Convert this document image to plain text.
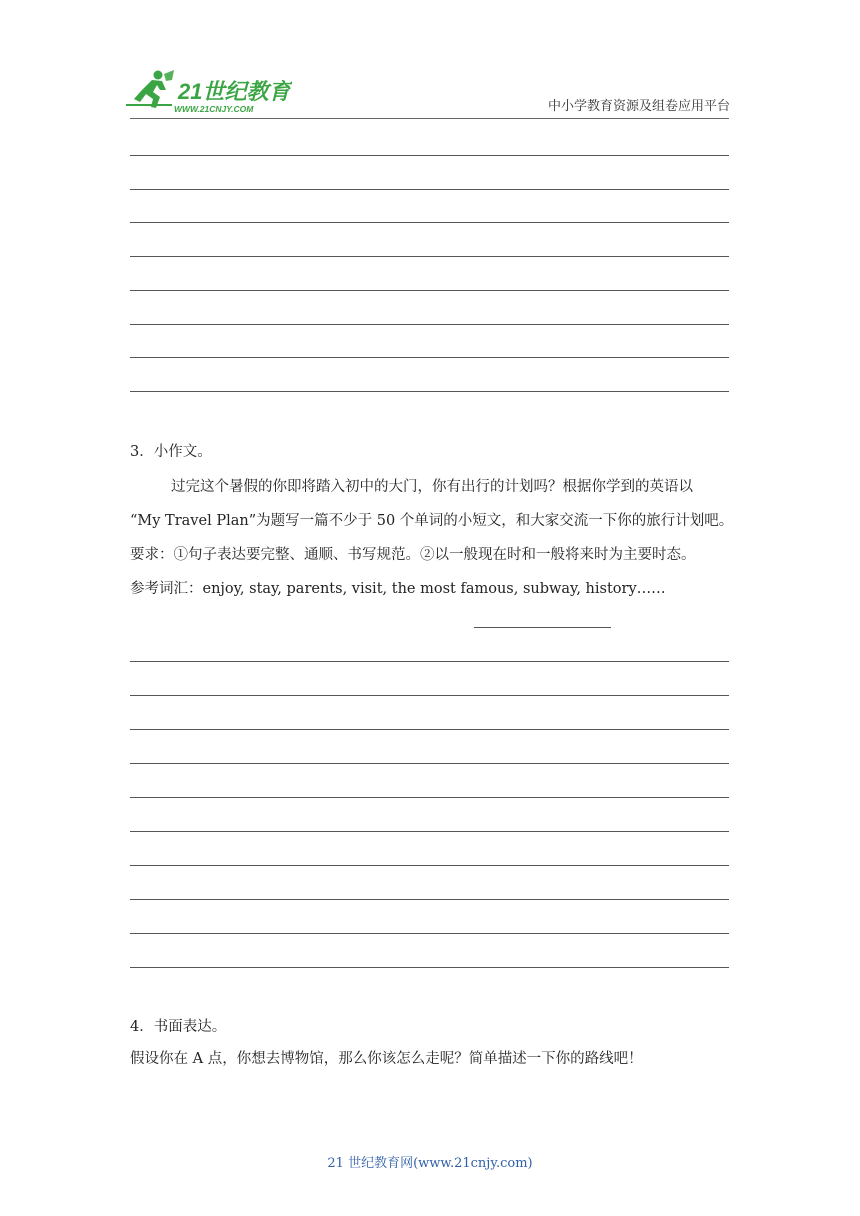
21世纪教育
WWW.21CNJY.COM	中小学教育资源及组卷应用平台
3．小作文。
过完这个暑假的你即将踏入初中的大门，你有出行的计划吗？根据你学到的英语以
“My Travel Plan”为题写一篇不少于 50 个单词的小短文，和大家交流一下你的旅行计划吧。
要求：①句子表达要完整、通顺、书写规范。②以一般现在时和一般将来时为主要时态。
参考词汇：enjoy, stay, parents, visit, the most famous, subway, history……
4．书面表达。
假设你在 A 点，你想去博物馆，那么你该怎么走呢？简单描述一下你的路线吧！
21 世纪教育网(www.21cnjy.com)
